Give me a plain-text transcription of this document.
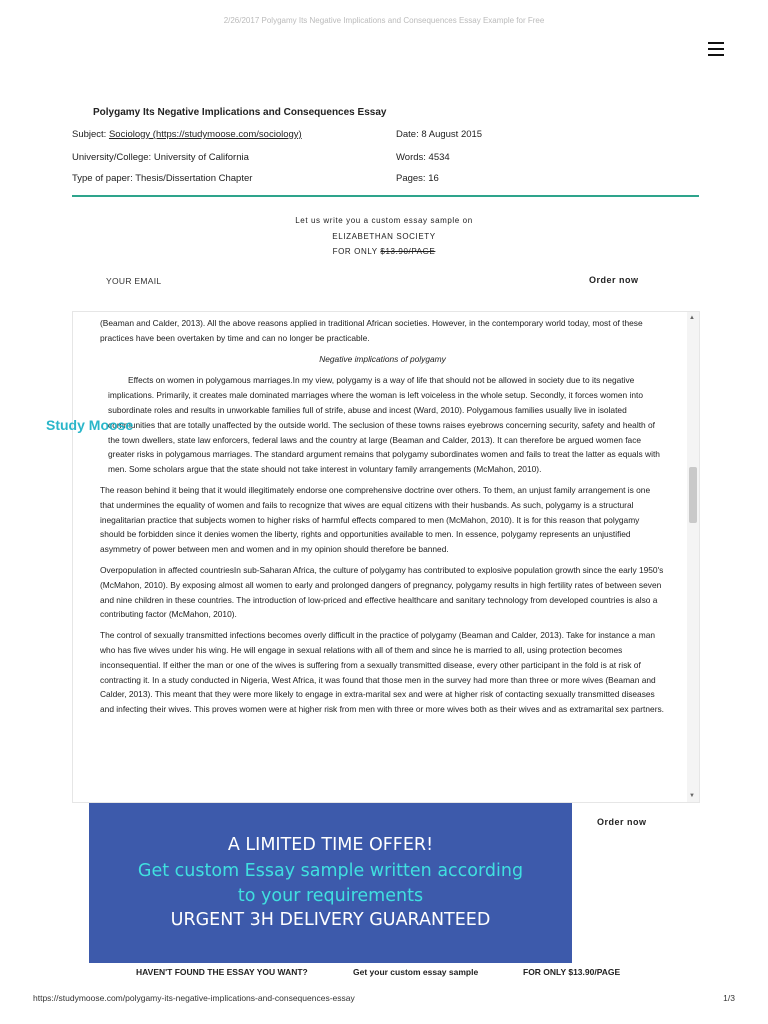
2/26/2017 Polygamy Its Negative Implications and Consequences Essay Example for Free
Polygamy Its Negative Implications and Consequences Essay
Subject: Sociology (https://studymoose.com/sociology)
University/College: University of California
Type of paper: Thesis/Dissertation Chapter
Date: 8 August 2015
Words: 4534
Pages: 16
Let us write you a custom essay sample on
ELIZABETHAN SOCIETY
FOR ONLY $13.90/PAGE
YOUR EMAIL	Order now

(Beaman and Calder, 2013). All the above reasons applied in traditional African societies. However, in the contemporary world today, most of these practices have been overtaken by time and can no longer be practicable.

Negative implications of polygamy

Effects on women in polygamous marriages.In my view, polygamy is a way of life that should not be allowed in society due to its negative implications. Primarily, it creates male dominated marriages where the woman is left voiceless in the whole setup. Secondly, it forces women into subordinate roles and results in unworkable families full of strife, abuse and incest (Ward, 2010). Polygamous families usually live in isolated communities that are totally unaffected by the outside world. The seclusion of these towns raises eyebrows concerning security, safety and health of the town dwellers, state law enforcers, federal laws and the country at large (Beaman and Calder, 2013). It can therefore be argued women face greater risks in polygamous marriages. The standard argument remains that polygamy subordinates women and fails to treat the latter as equals with men. Some scholars argue that the state should not take interest in voluntary family arrangements (McMahon, 2010).

The reason behind it being that it would illegitimately endorse one comprehensive doctrine over others. To them, an unjust family arrangement is one that undermines the equality of women and fails to recognize that wives are equal citizens with their husbands. As such, polygamy is a structural inegalitarian practice that subjects women to higher risks of harmful effects compared to men (McMahon, 2010). It is for this reason that polygamy should be forbidden since it denies women the liberty, rights and opportunities available to men. In essence, polygamy represents an unjustified asymmetry of power between men and women and in my opinion should therefore be banned.

Overpopulation in affected countriesIn sub-Saharan Africa, the culture of polygamy has contributed to explosive population growth since the early 1950's (McMahon, 2010). By exposing almost all women to early and prolonged dangers of pregnancy, polygamy results in high fertility rates of between seven and nine children in these countries. The introduction of low-priced and effective healthcare and sanitary technology from developed countries is also a contributing factor (McMahon, 2010).

The control of sexually transmitted infections becomes overly difficult in the practice of polygamy (Beaman and Calder, 2013). Take for instance a man who has five wives under his wing. He will engage in sexual relations with all of them and since he is married to all, using protection becomes inconsequential. If either the man or one of the wives is suffering from a sexually transmitted disease, every other participant in the fold is at risk of contracting it. In a study conducted in Nigeria, West Africa, it was found that those men in the survey had more than three or more wives (Beaman and Calder, 2013). This meant that they were more likely to engage in extra-marital sex and were at higher risk of contacting sexually transmitted diseases and infecting their wives. This proves women were at higher risk from men with three or more wives both as their wives and as extramarital sex partners.

▲
▼
Study Moose
A LIMITED TIME OFFER!
Get custom Essay sample written according
to your requirements
URGENT 3H DELIVERY GUARANTEED
Order now
HAVEN'T FOUND THE ESSAY YOU WANT?	Get your custom essay sample	FOR ONLY $13.90/PAGE
https://studymoose.com/polygamy-its-negative-implications-and-consequences-essay	1/3
